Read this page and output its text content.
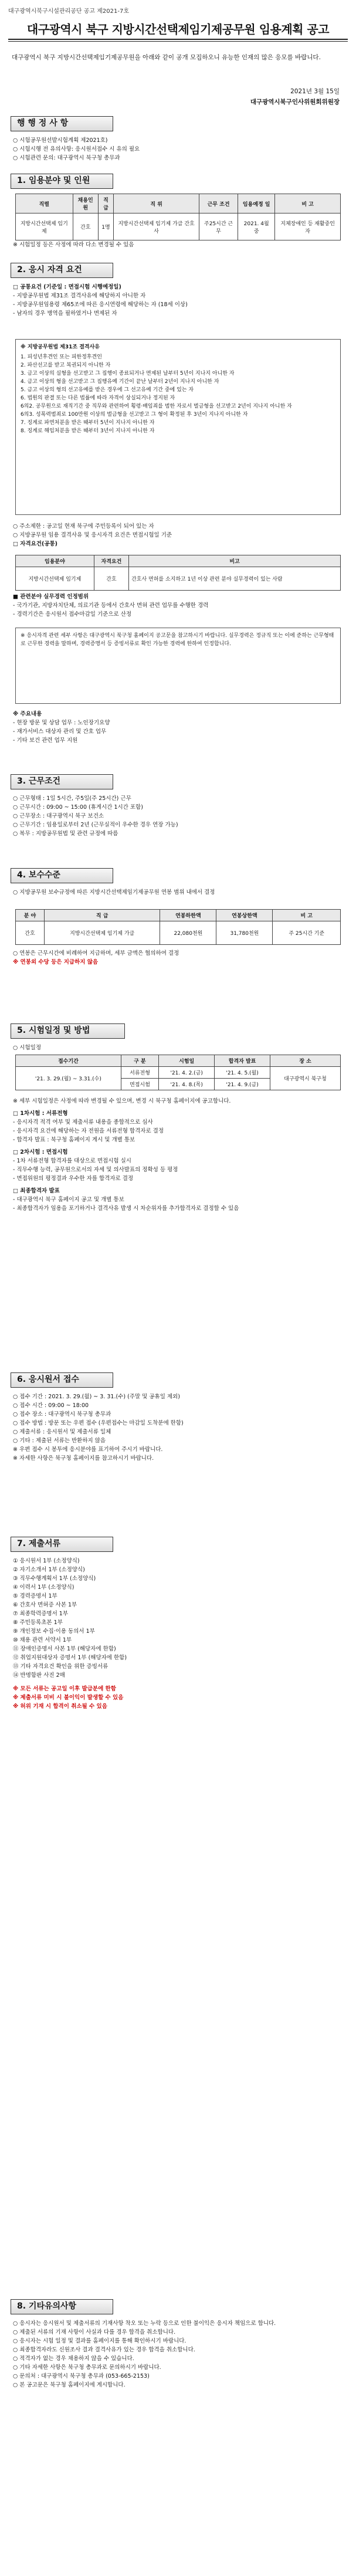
대구광역시북구시설관리공단 공고 제2021-7호
대구광역시 북구 지방시간선택제임기제공무원 임용계획 공고
대구광역시 북구 지방시간선택제임기제공무원을 아래와 같이 공개 모집하오니 유능한 인재의 많은 응모를 바랍니다.
2021년 3월 15일
대구광역시북구인사위원회위원장
행 행 정 사 항

○ 시험공무원선발시험계획 제2021호)

○ 시험시행 전 유의사항: 응시원서접수 시 유의 필요

○ 시험관련 문의: 대구광역시 북구청 총무과

1. 임용분야 및 인원
직렬	채용인원	직급	직 위	근무 조건	임용예정 일	비 고
지방시간선택제 임기제	간호	1명	지방시간선택제 임기제 가급 간호사	주25시간 근무	2021. 4월 중	지체장애인 등 재활중인 자
※ 시험일정 등은 사정에 따라 다소 변경될 수 있음
2. 응시 자격 요건

□ 공통요건 (기준일 : 면접시험 시행예정일)

- 지방공무원법 제31조 결격사유에 해당하지 아니한 자

- 지방공무원임용령 제65조에 따른 응시연령에 해당하는 자 (18세 이상)

- 남자의 경우 병역을 필하였거나 면제된 자

※ 지방공무원법 제31조 결격사유

1. 피성년후견인 또는 피한정후견인

2. 파산선고를 받고 복권되지 아니한 자

3. 금고 이상의 실형을 선고받고 그 집행이 종료되거나 면제된 날부터 5년이 지나지 아니한 자

4. 금고 이상의 형을 선고받고 그 집행유예 기간이 끝난 날부터 2년이 지나지 아니한 자

5. 금고 이상의 형의 선고유예를 받은 경우에 그 선고유예 기간 중에 있는 자

6. 법원의 판결 또는 다른 법률에 따라 자격이 상실되거나 정지된 자

6의2. 공무원으로 재직기간 중 직무와 관련하여 횡령·배임죄를 범한 자로서 벌금형을 선고받고 2년이 지나지 아니한 자

6의3. 성폭력범죄로 100만원 이상의 벌금형을 선고받고 그 형이 확정된 후 3년이 지나지 아니한 자

7. 징계로 파면처분을 받은 때부터 5년이 지나지 아니한 자

8. 징계로 해임처분을 받은 때부터 3년이 지나지 아니한 자

○ 주소제한 : 공고일 현재 북구에 주민등록이 되어 있는 자

○ 지방공무원 임용 결격사유 및 응시자격 요건은 면접시험일 기준

□ 자격요건(공통)

임용분야	자격요건	비고
지방시간선택제 임기제	간호	간호사 면허를 소지하고 1년 이상 관련 분야 실무경력이 있는 사람

■ 관련분야 실무경력 인정범위

- 국가기관, 지방자치단체, 의료기관 등에서 간호사 면허 관련 업무를 수행한 경력

- 경력기간은 응시원서 접수마감일 기준으로 산정

※ 응시자격 관련 세부 사항은 대구광역시 북구청 홈페이지 공고문을 참고하시기 바랍니다. 실무경력은 정규직 또는 이에 준하는 근무형태로 근무한 경력을 말하며, 경력증명서 등 증빙서류로 확인 가능한 경력에 한하여 인정합니다.

※ 주요내용

- 현장 방문 및 상담 업무 : 노인장기요양

- 재가서비스 대상자 관리 및 간호 업무

- 기타 보건 관련 업무 지원

3. 근무조건

○ 근무형태 : 1일 5시간, 주5일(주 25시간) 근무

○ 근무시간 : 09:00 ~ 15:00 (휴게시간 1시간 포함)

○ 근무장소 : 대구광역시 북구 보건소

○ 근무기간 : 임용일로부터 2년 (근무실적이 우수한 경우 연장 가능)

○ 복무 : 지방공무원법 및 관련 규정에 따름

4. 보수수준
○ 지방공무원 보수규정에 따른 지방시간선택제임기제공무원 연봉 범위 내에서 결정
분 야	직 급	연봉하한액	연봉상한액	비 고
간호	지방시간선택제 임기제 가급	22,080천원	31,780천원	주 25시간 기준

○ 연봉은 근무시간에 비례하여 지급하며, 세부 금액은 협의하여 결정

※ 연봉외 수당 등은 지급하지 않음

5. 시험일정 및 방법
○ 시험일정
접수기간	구 분	시험일	합격자 발표	장 소
'21. 3. 29.(월) ~ 3.31.(수)	서류전형	'21. 4. 2.(금)	'21. 4. 5.(월)	대구광역시 북구청
	면접시험	'21. 4. 8.(목)	'21. 4. 9.(금)	

※ 세부 시험일정은 사정에 따라 변경될 수 있으며, 변경 시 북구청 홈페이지에 공고합니다.

□ 1차시험 : 서류전형

- 응시자격 적격 여부 및 제출서류 내용을 종합적으로 심사

- 응시자격 요건에 해당하는 자 전원을 서류전형 합격자로 결정

- 합격자 발표 : 북구청 홈페이지 게시 및 개별 통보

□ 2차시험 : 면접시험

- 1차 서류전형 합격자를 대상으로 면접시험 실시

- 직무수행 능력, 공무원으로서의 자세 및 의사발표의 정확성 등 평정

- 면접위원의 평정결과 우수한 자를 합격자로 결정

□ 최종합격자 발표

- 대구광역시 북구 홈페이지 공고 및 개별 통보

- 최종합격자가 임용을 포기하거나 결격사유 발생 시 차순위자를 추가합격자로 결정할 수 있음

6. 응시원서 접수

○ 접수 기간 : 2021. 3. 29.(월) ~ 3. 31.(수) (주말 및 공휴일 제외)

○ 접수 시간 : 09:00 ~ 18:00

○ 접수 장소 : 대구광역시 북구청 총무과

○ 접수 방법 : 방문 또는 우편 접수 (우편접수는 마감일 도착분에 한함)

○ 제출서류 : 응시원서 및 제출서류 일체

○ 기타 : 제출된 서류는 반환하지 않음

※ 우편 접수 시 봉투에 응시분야를 표기하여 주시기 바랍니다.

※ 자세한 사항은 북구청 홈페이지를 참고하시기 바랍니다.

7. 제출서류

① 응시원서 1부 (소정양식)

② 자기소개서 1부 (소정양식)

③ 직무수행계획서 1부 (소정양식)

④ 이력서 1부 (소정양식)

⑤ 경력증명서 1부

⑥ 간호사 면허증 사본 1부

⑦ 최종학력증명서 1부

⑧ 주민등록초본 1부

⑨ 개인정보 수집·이용 동의서 1부

⑩ 채용 관련 서약서 1부

⑪ 장애인증명서 사본 1부 (해당자에 한함)

⑫ 취업지원대상자 증명서 1부 (해당자에 한함)

⑬ 기타 자격요건 확인을 위한 증빙서류

⑭ 반명함판 사진 2매

※ 모든 서류는 공고일 이후 발급분에 한함

※ 제출서류 미비 시 불이익이 발생할 수 있음

※ 허위 기재 시 합격이 취소될 수 있음

8. 기타유의사항

○ 응시자는 응시원서 및 제출서류의 기재사항 착오 또는 누락 등으로 인한 불이익은 응시자 책임으로 합니다.

○ 제출된 서류의 기재 사항이 사실과 다를 경우 합격을 취소합니다.

○ 응시자는 시험 일정 및 결과를 홈페이지를 통해 확인하시기 바랍니다.

○ 최종합격자라도 신원조사 결과 결격사유가 있는 경우 합격을 취소합니다.

○ 적격자가 없는 경우 채용하지 않을 수 있습니다.

○ 기타 자세한 사항은 북구청 총무과로 문의하시기 바랍니다.

○ 문의처 : 대구광역시 북구청 총무과 (053-665-2153)

○ 본 공고문은 북구청 홈페이지에 게시합니다.
